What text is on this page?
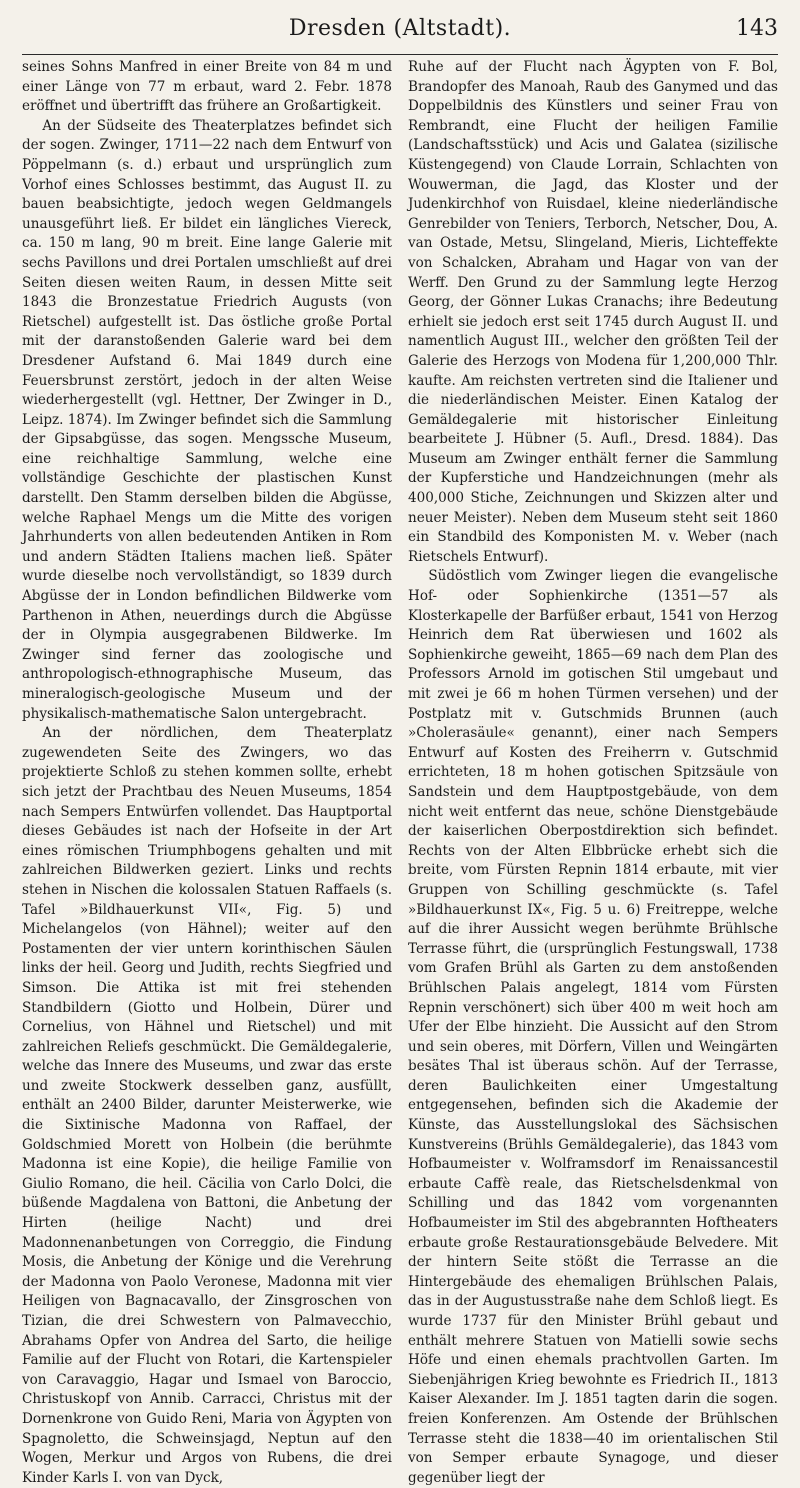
Dresden (Altstadt).	143

seines Sohns Manfred in einer Breite von 84 m und einer Länge von 77 m erbaut, ward 2. Febr. 1878 eröffnet und übertrifft das frühere an Großartigkeit.

An der Südseite des Theaterplatzes befindet sich der sogen. Zwinger, 1711—22 nach dem Entwurf von Pöppelmann (s. d.) erbaut und ursprünglich zum Vorhof eines Schlosses bestimmt, das August II. zu bauen beabsichtigte, jedoch wegen Geldmangels unausgeführt ließ. Er bildet ein längliches Viereck, ca. 150 m lang, 90 m breit. Eine lange Galerie mit sechs Pavillons und drei Portalen umschließt auf drei Seiten diesen weiten Raum, in dessen Mitte seit 1843 die Bronzestatue Friedrich Augusts (von Rietschel) aufgestellt ist. Das östliche große Portal mit der daranstoßenden Galerie ward bei dem Dresdener Aufstand 6. Mai 1849 durch eine Feuersbrunst zerstört, jedoch in der alten Weise wiederhergestellt (vgl. Hettner, Der Zwinger in D., Leipz. 1874). Im Zwinger befindet sich die Sammlung der Gipsabgüsse, das sogen. Mengssche Museum, eine reichhaltige Sammlung, welche eine vollständige Geschichte der plastischen Kunst darstellt. Den Stamm derselben bilden die Abgüsse, welche Raphael Mengs um die Mitte des vorigen Jahrhunderts von allen bedeutenden Antiken in Rom und andern Städten Italiens machen ließ. Später wurde dieselbe noch vervollständigt, so 1839 durch Abgüsse der in London befindlichen Bildwerke vom Parthenon in Athen, neuerdings durch die Abgüsse der in Olympia ausgegrabenen Bildwerke. Im Zwinger sind ferner das zoologische und anthropologisch-ethnographische Museum, das mineralogisch-geologische Museum und der physikalisch-mathematische Salon untergebracht.

An der nördlichen, dem Theaterplatz zugewendeten Seite des Zwingers, wo das projektierte Schloß zu stehen kommen sollte, erhebt sich jetzt der Prachtbau des Neuen Museums, 1854 nach Sempers Entwürfen vollendet. Das Hauptportal dieses Gebäudes ist nach der Hofseite in der Art eines römischen Triumphbogens gehalten und mit zahlreichen Bildwerken geziert. Links und rechts stehen in Nischen die kolossalen Statuen Raffaels (s. Tafel »Bildhauerkunst VII«, Fig. 5) und Michelangelos (von Hähnel); weiter auf den Postamenten der vier untern korinthischen Säulen links der heil. Georg und Judith, rechts Siegfried und Simson. Die Attika ist mit frei stehenden Standbildern (Giotto und Holbein, Dürer und Cornelius, von Hähnel und Rietschel) und mit zahlreichen Reliefs geschmückt. Die Gemäldegalerie, welche das Innere des Museums, und zwar das erste und zweite Stockwerk desselben ganz, ausfüllt, enthält an 2400 Bilder, darunter Meisterwerke, wie die Sixtinische Madonna von Raffael, der Goldschmied Morett von Holbein (die berühmte Madonna ist eine Kopie), die heilige Familie von Giulio Romano, die heil. Cäcilia von Carlo Dolci, die büßende Magdalena von Battoni, die Anbetung der Hirten (heilige Nacht) und drei Madonnenanbetungen von Correggio, die Findung Mosis, die Anbetung der Könige und die Verehrung der Madonna von Paolo Veronese, Madonna mit vier Heiligen von Bagnacavallo, der Zinsgroschen von Tizian, die drei Schwestern von Palmavecchio, Abrahams Opfer von Andrea del Sarto, die heilige Familie auf der Flucht von Rotari, die Kartenspieler von Caravaggio, Hagar und Ismael von Baroccio, Christuskopf von Annib. Carracci, Christus mit der Dornenkrone von Guido Reni, Maria von Ägypten von Spagnoletto, die Schweinsjagd, Neptun auf den Wogen, Merkur und Argos von Rubens, die drei Kinder Karls I. von van Dyck,

Ruhe auf der Flucht nach Ägypten von F. Bol, Brandopfer des Manoah, Raub des Ganymed und das Doppelbildnis des Künstlers und seiner Frau von Rembrandt, eine Flucht der heiligen Familie (Landschaftsstück) und Acis und Galatea (sizilische Küstengegend) von Claude Lorrain, Schlachten von Wouwerman, die Jagd, das Kloster und der Judenkirchhof von Ruisdael, kleine niederländische Genrebilder von Teniers, Terborch, Netscher, Dou, A. van Ostade, Metsu, Slingeland, Mieris, Lichteffekte von Schalcken, Abraham und Hagar von van der Werff. Den Grund zu der Sammlung legte Herzog Georg, der Gönner Lukas Cranachs; ihre Bedeutung erhielt sie jedoch erst seit 1745 durch August II. und namentlich August III., welcher den größten Teil der Galerie des Herzogs von Modena für 1,200,000 Thlr. kaufte. Am reichsten vertreten sind die Italiener und die niederländischen Meister. Einen Katalog der Gemäldegalerie mit historischer Einleitung bearbeitete J. Hübner (5. Aufl., Dresd. 1884). Das Museum am Zwinger enthält ferner die Sammlung der Kupferstiche und Handzeichnungen (mehr als 400,000 Stiche, Zeichnungen und Skizzen alter und neuer Meister). Neben dem Museum steht seit 1860 ein Standbild des Komponisten M. v. Weber (nach Rietschels Entwurf).

Südöstlich vom Zwinger liegen die evangelische Hof- oder Sophienkirche (1351—57 als Klosterkapelle der Barfüßer erbaut, 1541 von Herzog Heinrich dem Rat überwiesen und 1602 als Sophienkirche geweiht, 1865—69 nach dem Plan des Professors Arnold im gotischen Stil umgebaut und mit zwei je 66 m hohen Türmen versehen) und der Postplatz mit v. Gutschmids Brunnen (auch »Cholerasäule« genannt), einer nach Sempers Entwurf auf Kosten des Freiherrn v. Gutschmid errichteten, 18 m hohen gotischen Spitzsäule von Sandstein und dem Hauptpostgebäude, von dem nicht weit entfernt das neue, schöne Dienstgebäude der kaiserlichen Oberpostdirektion sich befindet. Rechts von der Alten Elbbrücke erhebt sich die breite, vom Fürsten Repnin 1814 erbaute, mit vier Gruppen von Schilling geschmückte (s. Tafel »Bildhauerkunst IX«, Fig. 5 u. 6) Freitreppe, welche auf die ihrer Aussicht wegen berühmte Brühlsche Terrasse führt, die (ursprünglich Festungswall, 1738 vom Grafen Brühl als Garten zu dem anstoßenden Brühlschen Palais angelegt, 1814 vom Fürsten Repnin verschönert) sich über 400 m weit hoch am Ufer der Elbe hinzieht. Die Aussicht auf den Strom und sein oberes, mit Dörfern, Villen und Weingärten besätes Thal ist überaus schön. Auf der Terrasse, deren Baulichkeiten einer Umgestaltung entgegensehen, befinden sich die Akademie der Künste, das Ausstellungslokal des Sächsischen Kunstvereins (Brühls Gemäldegalerie), das 1843 vom Hofbaumeister v. Wolframsdorf im Renaissancestil erbaute Caffè reale, das Rietschelsdenkmal von Schilling und das 1842 vom vorgenannten Hofbaumeister im Stil des abgebrannten Hoftheaters erbaute große Restaurationsgebäude Belvedere. Mit der hintern Seite stößt die Terrasse an die Hintergebäude des ehemaligen Brühlschen Palais, das in der Augustusstraße nahe dem Schloß liegt. Es wurde 1737 für den Minister Brühl gebaut und enthält mehrere Statuen von Matielli sowie sechs Höfe und einen ehemals prachtvollen Garten. Im Siebenjährigen Krieg bewohnte es Friedrich II., 1813 Kaiser Alexander. Im J. 1851 tagten darin die sogen. freien Konferenzen. Am Ostende der Brühlschen Terrasse steht die 1838—40 im orientalischen Stil von Semper erbaute Synagoge, und dieser gegenüber liegt der
